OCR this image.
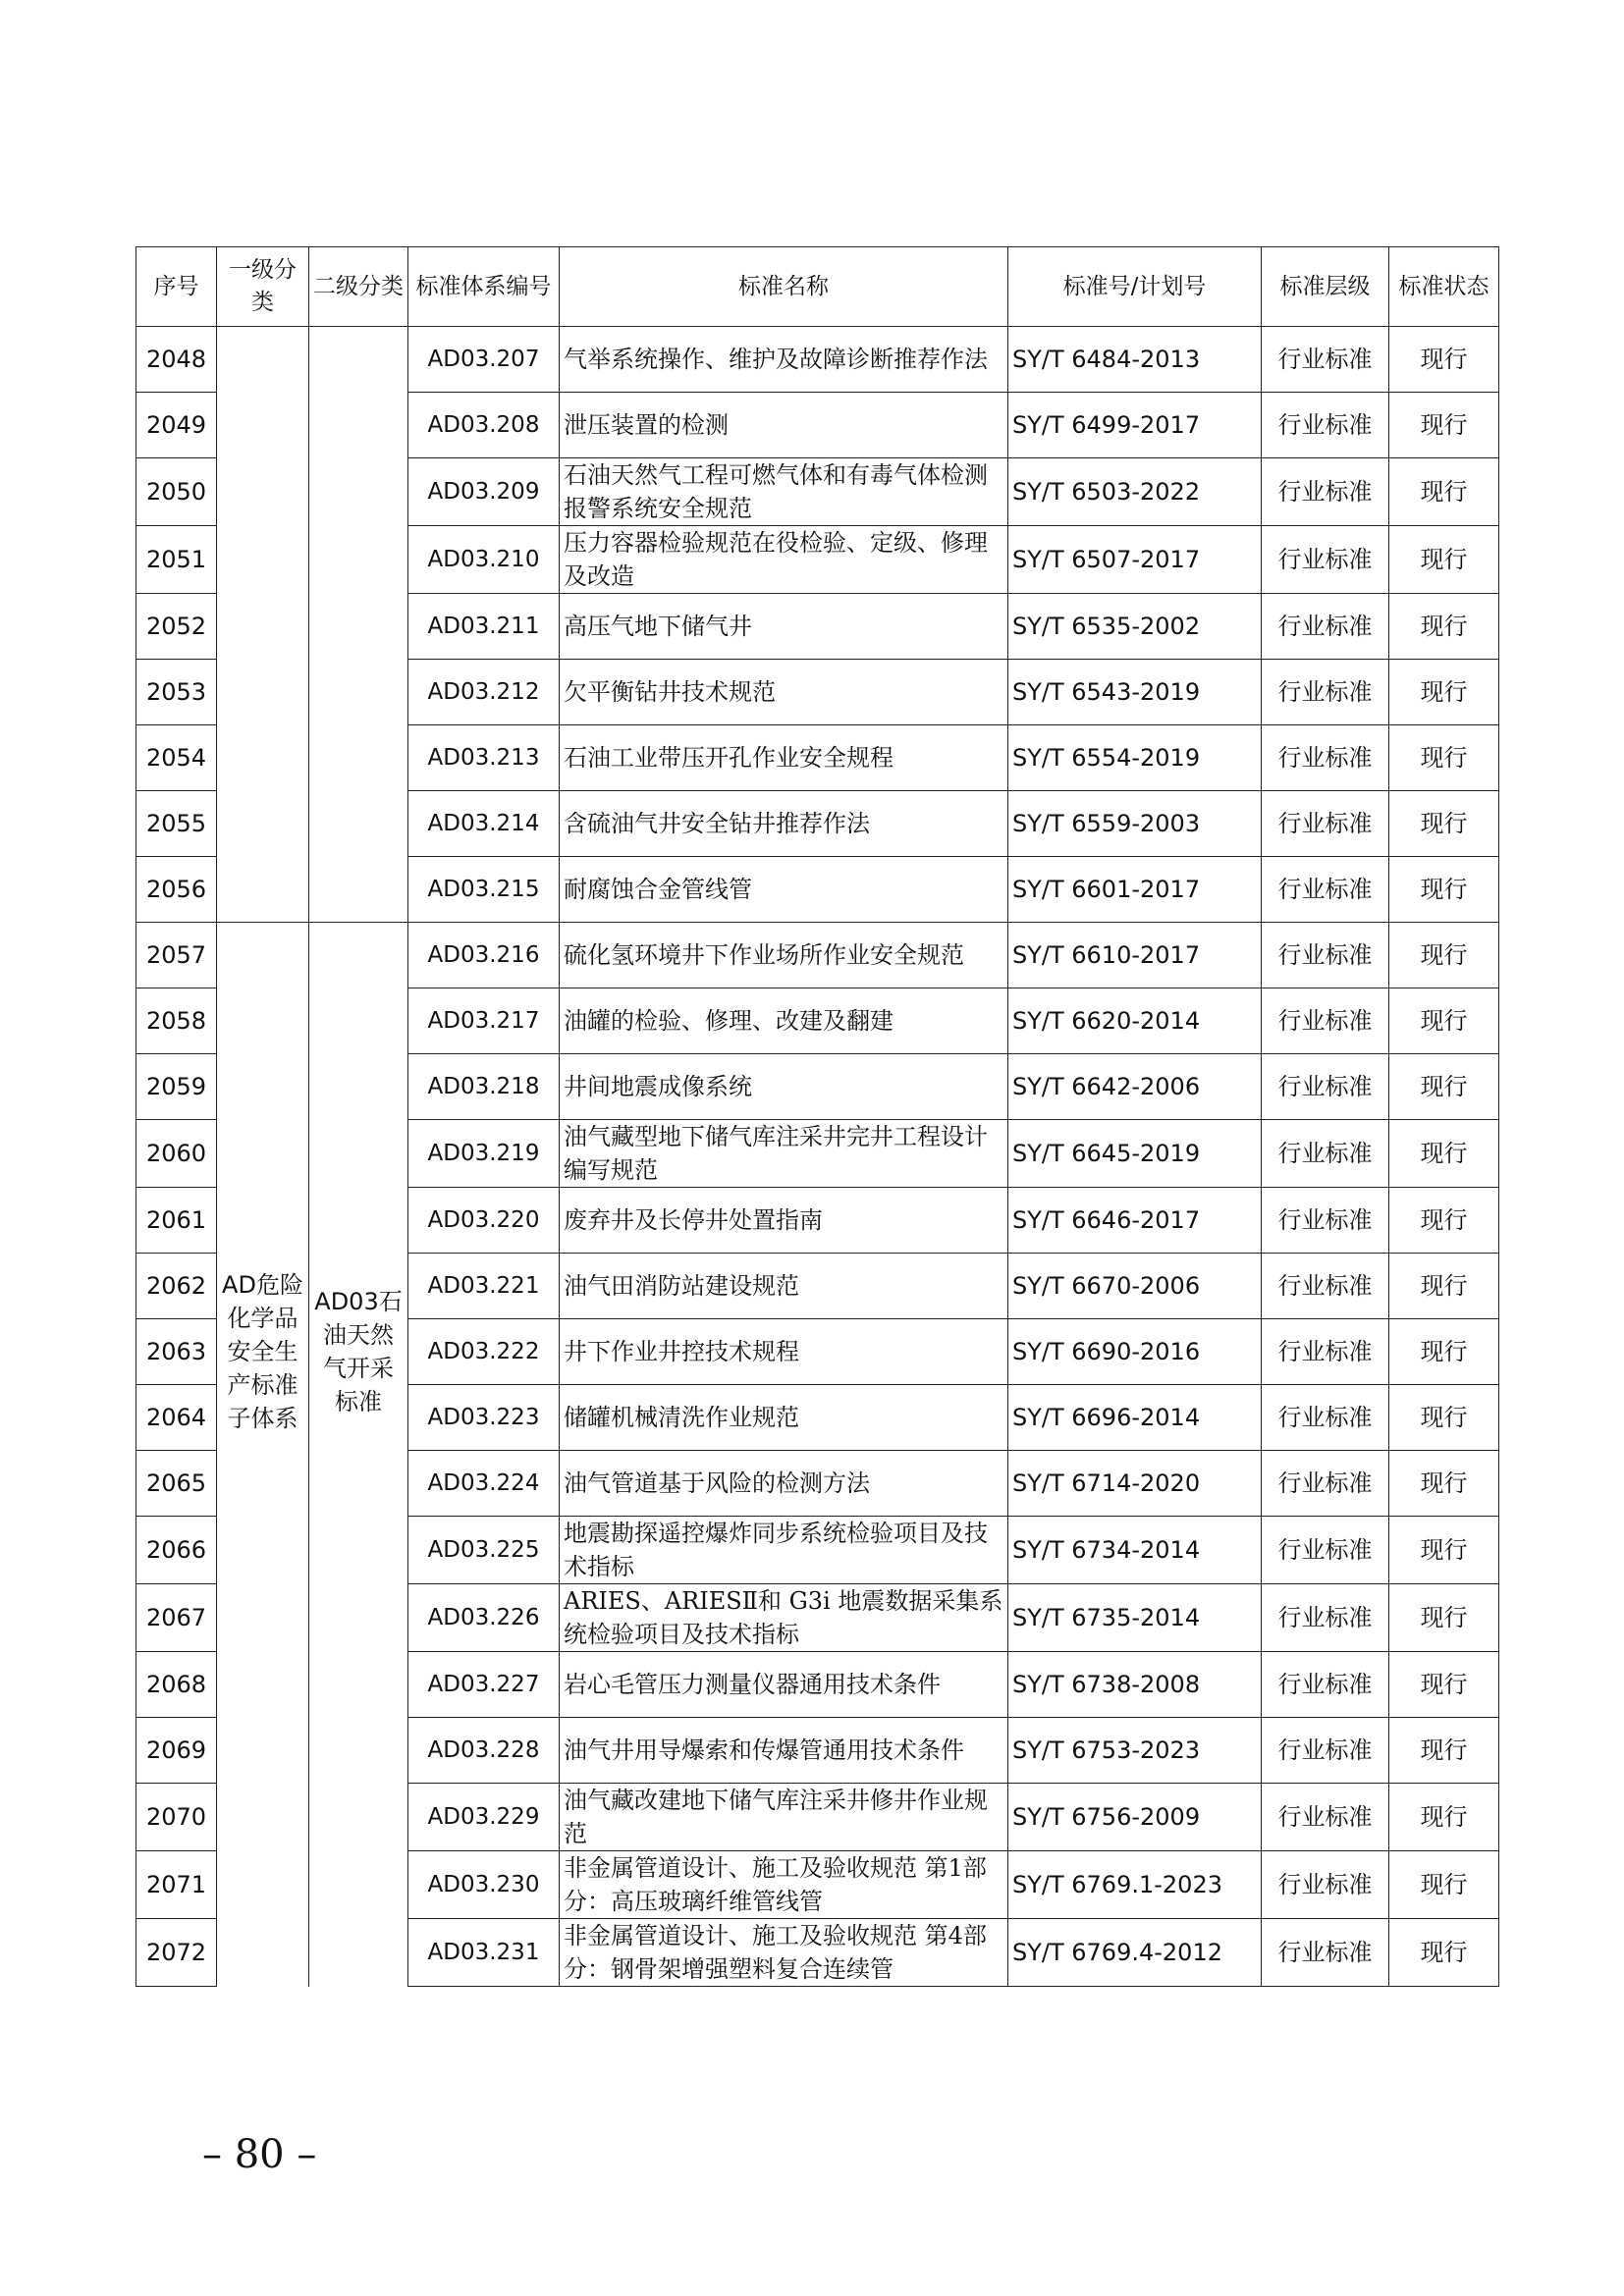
序号	一级分类	二级分类	标准体系编号	标准名称	标准号/计划号	标准层级	标准状态
2048			AD03.207	气举系统操作、维护及故障诊断推荐作法	SY/T 6484-2013	行业标准	现行
2049			AD03.208	泄压装置的检测	SY/T 6499-2017	行业标准	现行
2050			AD03.209	石油天然气工程可燃气体和有毒气体检测报警系统安全规范	SY/T 6503-2022	行业标准	现行
2051			AD03.210	压力容器检验规范在役检验、定级、修理及改造	SY/T 6507-2017	行业标准	现行
2052			AD03.211	高压气地下储气井	SY/T 6535-2002	行业标准	现行
2053			AD03.212	欠平衡钻井技术规范	SY/T 6543-2019	行业标准	现行
2054			AD03.213	石油工业带压开孔作业安全规程	SY/T 6554-2019	行业标准	现行
2055			AD03.214	含硫油气井安全钻井推荐作法	SY/T 6559-2003	行业标准	现行
2056			AD03.215	耐腐蚀合金管线管	SY/T 6601-2017	行业标准	现行
2057			AD03.216	硫化氢环境井下作业场所作业安全规范	SY/T 6610-2017	行业标准	现行
2058			AD03.217	油罐的检验、修理、改建及翻建	SY/T 6620-2014	行业标准	现行
2059			AD03.218	井间地震成像系统	SY/T 6642-2006	行业标准	现行
2060			AD03.219	油气藏型地下储气库注采井完井工程设计编写规范	SY/T 6645-2019	行业标准	现行
2061			AD03.220	废弃井及长停井处置指南	SY/T 6646-2017	行业标准	现行
2062			AD03.221	油气田消防站建设规范	SY/T 6670-2006	行业标准	现行
2063	AD危险化学品安全生产标准子体系	AD03石油天然气开采标准	AD03.222	井下作业井控技术规程	SY/T 6690-2016	行业标准	现行
2064			AD03.223	储罐机械清洗作业规范	SY/T 6696-2014	行业标准	现行
2065			AD03.224	油气管道基于风险的检测方法	SY/T 6714-2020	行业标准	现行
2066			AD03.225	地震勘探遥控爆炸同步系统检验项目及技术指标	SY/T 6734-2014	行业标准	现行
2067			AD03.226	ARIES、ARIESⅡ和 G3i 地震数据采集系统检验项目及技术指标	SY/T 6735-2014	行业标准	现行
2068			AD03.227	岩心毛管压力测量仪器通用技术条件	SY/T 6738-2008	行业标准	现行
2069			AD03.228	油气井用导爆索和传爆管通用技术条件	SY/T 6753-2023	行业标准	现行
2070			AD03.229	油气藏改建地下储气库注采井修井作业规范	SY/T 6756-2009	行业标准	现行
2071			AD03.230	非金属管道设计、施工及验收规范 第1部分：高压玻璃纤维管线管	SY/T 6769.1-2023	行业标准	现行
2072			AD03.231	非金属管道设计、施工及验收规范 第4部分：钢骨架增强塑料复合连续管	SY/T 6769.4-2012	行业标准	现行
– 80 –
